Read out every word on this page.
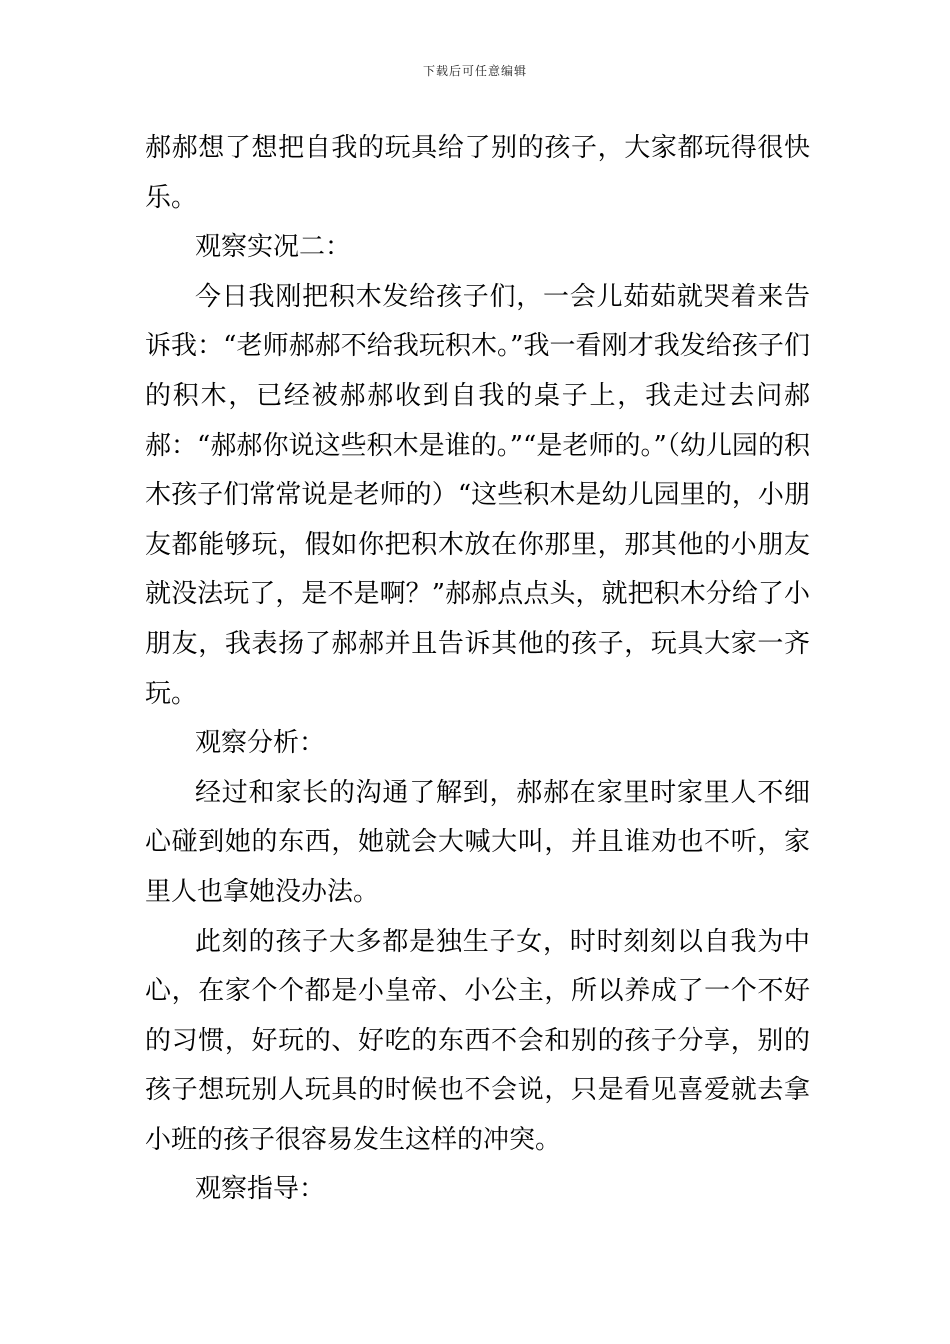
下载后可任意编辑

郝郝想了想把自我的玩具给了别的孩子，大家都玩得很快乐。

观察实况二：

今日我刚把积木发给孩子们，一会儿茹茹就哭着来告诉我：“老师郝郝不给我玩积木。”我一看刚才我发给孩子们的积木，已经被郝郝收到自我的桌子上，我走过去问郝郝：“郝郝你说这些积木是谁的。”“是老师的。”（幼儿园的积木孩子们常常说是老师的）“这些积木是幼儿园里的，小朋友都能够玩，假如你把积木放在你那里，那其他的小朋友就没法玩了，是不是啊？”郝郝点点头，就把积木分给了小朋友，我表扬了郝郝并且告诉其他的孩子，玩具大家一齐玩。

观察分析：

经过和家长的沟通了解到，郝郝在家里时家里人不细心碰到她的东西，她就会大喊大叫，并且谁劝也不听，家里人也拿她没办法。

此刻的孩子大多都是独生子女，时时刻刻以自我为中心，在家个个都是小皇帝、小公主，所以养成了一个不好的习惯，好玩的、好吃的东西不会和别的孩子分享，别的孩子想玩别人玩具的时候也不会说，只是看见喜爱就去拿小班的孩子很容易发生这样的冲突。

观察指导：
